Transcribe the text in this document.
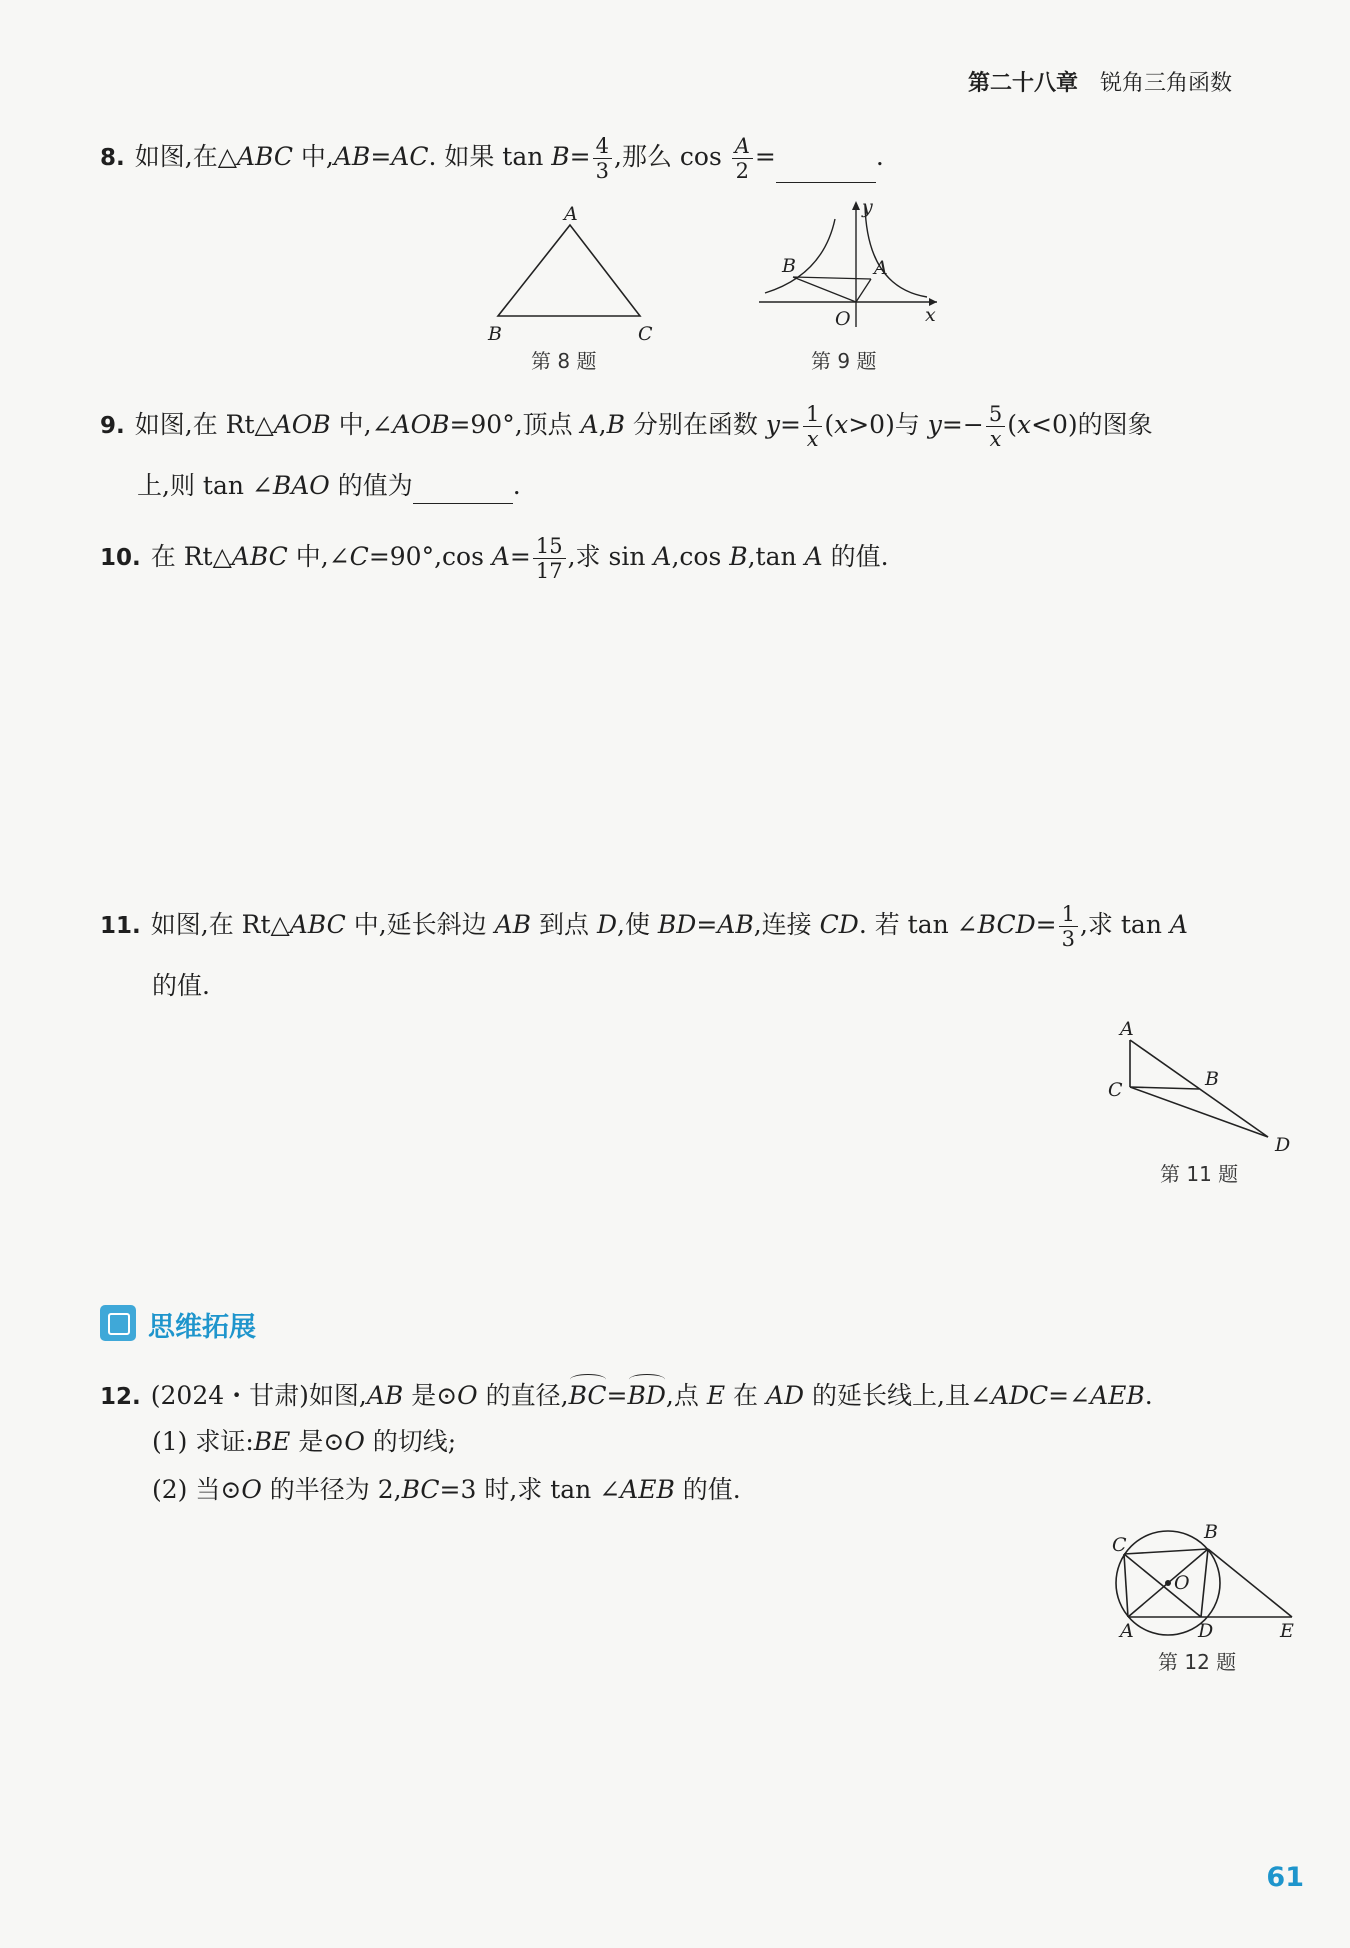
第二十八章 锐角三角函数
8. 如图,在△ABC 中,AB=AC. 如果 $\tan B= \frac{4}{3}$ ,那么 $\cos \frac{A}{2}$ =	.
A
B	C
第 8 题
y
x
O
A
B
第 9 题
9. 如图,在 Rt△AOB 中,∠AOB=90°,顶点 A,B 分别在函数 $y= \frac{1}{x} (x>0)$与 $y=- \frac{5}{x} (x<0)$的图象
上,则 tan ∠BAO 的值为	.
10. 在 Rt△ABC 中,∠C=90°,cos $A= \frac{15}{17}$ ,求 sin A,cos B,tan A 的值.
11. 如图,在 Rt△ABC 中,延长斜边 AB 到点 D,使 BD=AB,连接 CD. 若 tan ∠BCD= $\frac{1}{3}$ ,求 tan A
的值.
A
B
C
D
第 11 题
思维拓展
12. (2024・甘肃)如图,AB 是⊙O 的直径,BC=BD,点 E 在 AD 的延长线上,且∠ADC=∠AEB.
(1) 求证:BE 是⊙O 的切线;
(2) 当⊙O 的半径为 2,BC=3 时,求 tan ∠AEB 的值.
C
B
O
A	D	E
第 12 题
61
